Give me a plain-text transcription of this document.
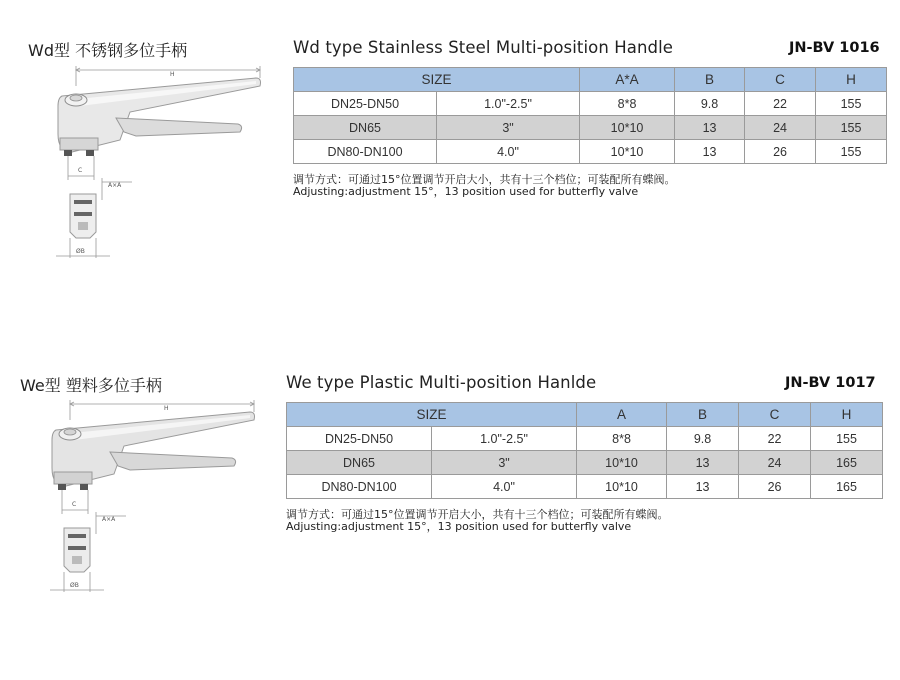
Wd型 不锈钢多位手柄	Wd type Stainless Steel Multi-position Handle	JN-BV 1016
H
C
A×A
ØB
SIZE		A*A	B	C	H
DN25-DN50	1.0"-2.5"	8*8	9.8	22	155
DN65	3"	10*10	13	24	155
DN80-DN100	4.0"	10*10	13	26	155
调节方式：可通过15°位置调节开启大小，共有十三个档位；可装配所有蝶阀。
Adjusting:adjustment 15°，13 position used for butterfly valve
We型 塑料多位手柄	We type Plastic Multi-position Hanlde	JN-BV 1017
H
C
A×A
ØB
SIZE		A	B	C	H
DN25-DN50	1.0"-2.5"	8*8	9.8	22	155
DN65	3"	10*10	13	24	165
DN80-DN100	4.0"	10*10	13	26	165
调节方式：可通过15°位置调节开启大小，共有十三个档位；可装配所有蝶阀。
Adjusting:adjustment 15°，13 position used for butterfly valve
